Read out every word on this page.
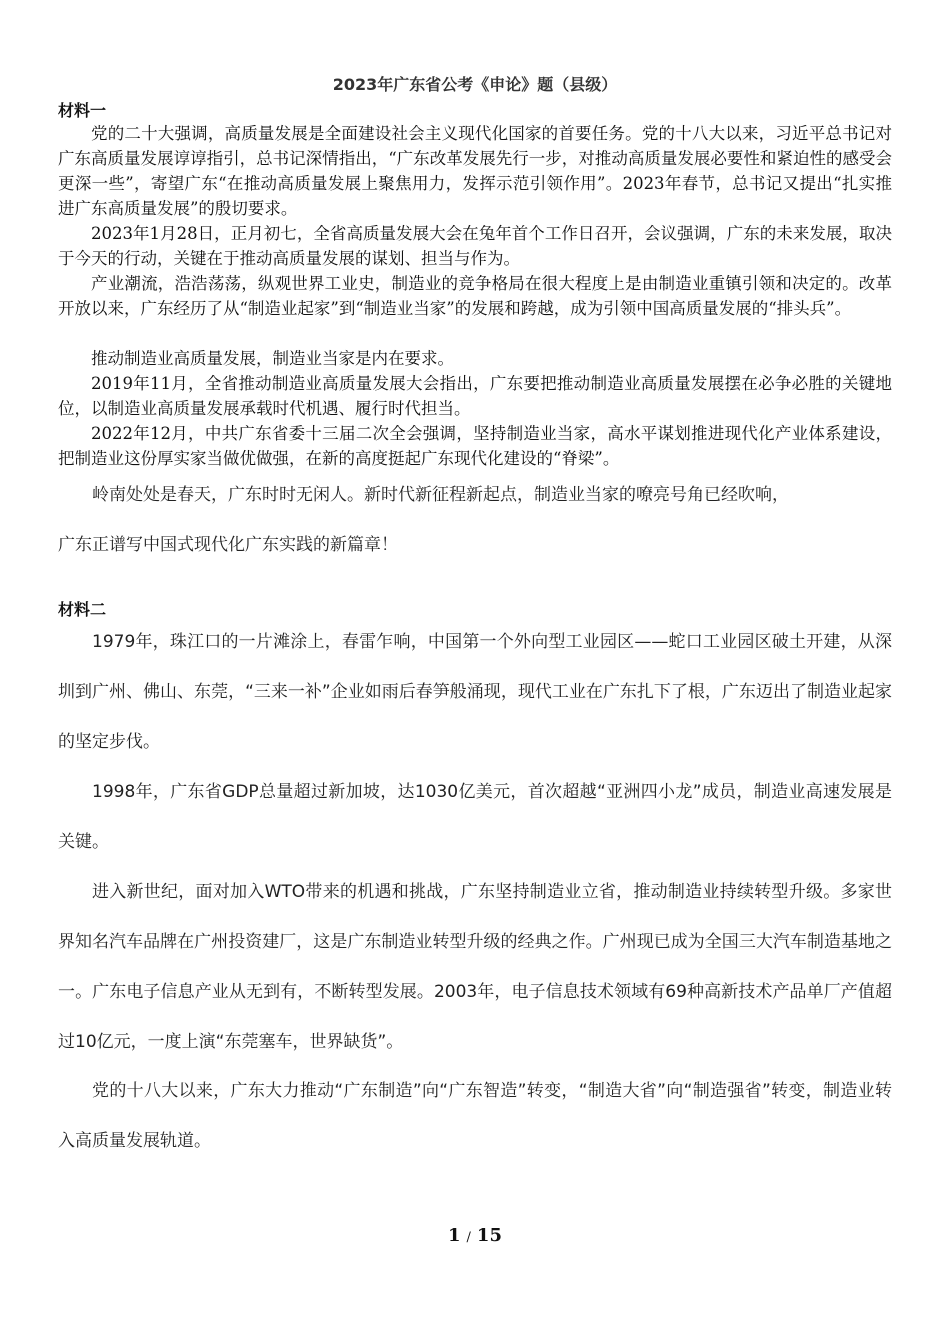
2023年广东省公考《申论》题（县级）
材料一

党的二十大强调，高质量发展是全面建设社会主义现代化国家的首要任务。党的十八大以来，习近平总书记对广东高质量发展谆谆指引，总书记深情指出，“广东改革发展先行一步，对推动高质量发展必要性和紧迫性的感受会更深一些”，寄望广东“在推动高质量发展上聚焦用力，发挥示范引领作用”。2023年春节，总书记又提出“扎实推进广东高质量发展”的殷切要求。

2023年1月28日，正月初七，全省高质量发展大会在兔年首个工作日召开，会议强调，广东的未来发展，取决于今天的行动，关键在于推动高质量发展的谋划、担当与作为。

产业潮流，浩浩荡荡，纵观世界工业史，制造业的竞争格局在很大程度上是由制造业重镇引领和决定的。改革开放以来，广东经历了从“制造业起家”到“制造业当家”的发展和跨越，成为引领中国高质量发展的“排头兵”。

推动制造业高质量发展，制造业当家是内在要求。

2019年11月，全省推动制造业高质量发展大会指出，广东要把推动制造业高质量发展摆在必争必胜的关键地位，以制造业高质量发展承载时代机遇、履行时代担当。

2022年12月，中共广东省委十三届二次全会强调，坚持制造业当家，高水平谋划推进现代化产业体系建设，把制造业这份厚实家当做优做强，在新的高度挺起广东现代化建设的“脊梁”。

岭南处处是春天，广东时时无闲人。新时代新征程新起点，制造业当家的嘹亮号角已经吹响，

广东正谱写中国式现代化广东实践的新篇章！

材料二

1979年，珠江口的一片滩涂上，春雷乍响，中国第一个外向型工业园区——蛇口工业园区破土开建，从深圳到广州、佛山、东莞，“三来一补”企业如雨后春笋般涌现，现代工业在广东扎下了根，广东迈出了制造业起家的坚定步伐。

1998年，广东省GDP总量超过新加坡，达1030亿美元，首次超越“亚洲四小龙”成员，制造业高速发展是关键。

进入新世纪，面对加入WTO带来的机遇和挑战，广东坚持制造业立省，推动制造业持续转型升级。多家世界知名汽车品牌在广州投资建厂，这是广东制造业转型升级的经典之作。广州现已成为全国三大汽车制造基地之一。广东电子信息产业从无到有，不断转型发展。2003年，电子信息技术领域有69种高新技术产品单厂产值超过10亿元，一度上演“东莞塞车，世界缺货”。

党的十八大以来，广东大力推动“广东制造”向“广东智造”转变，“制造大省”向“制造强省”转变，制造业转入高质量发展轨道。

1 / 15
